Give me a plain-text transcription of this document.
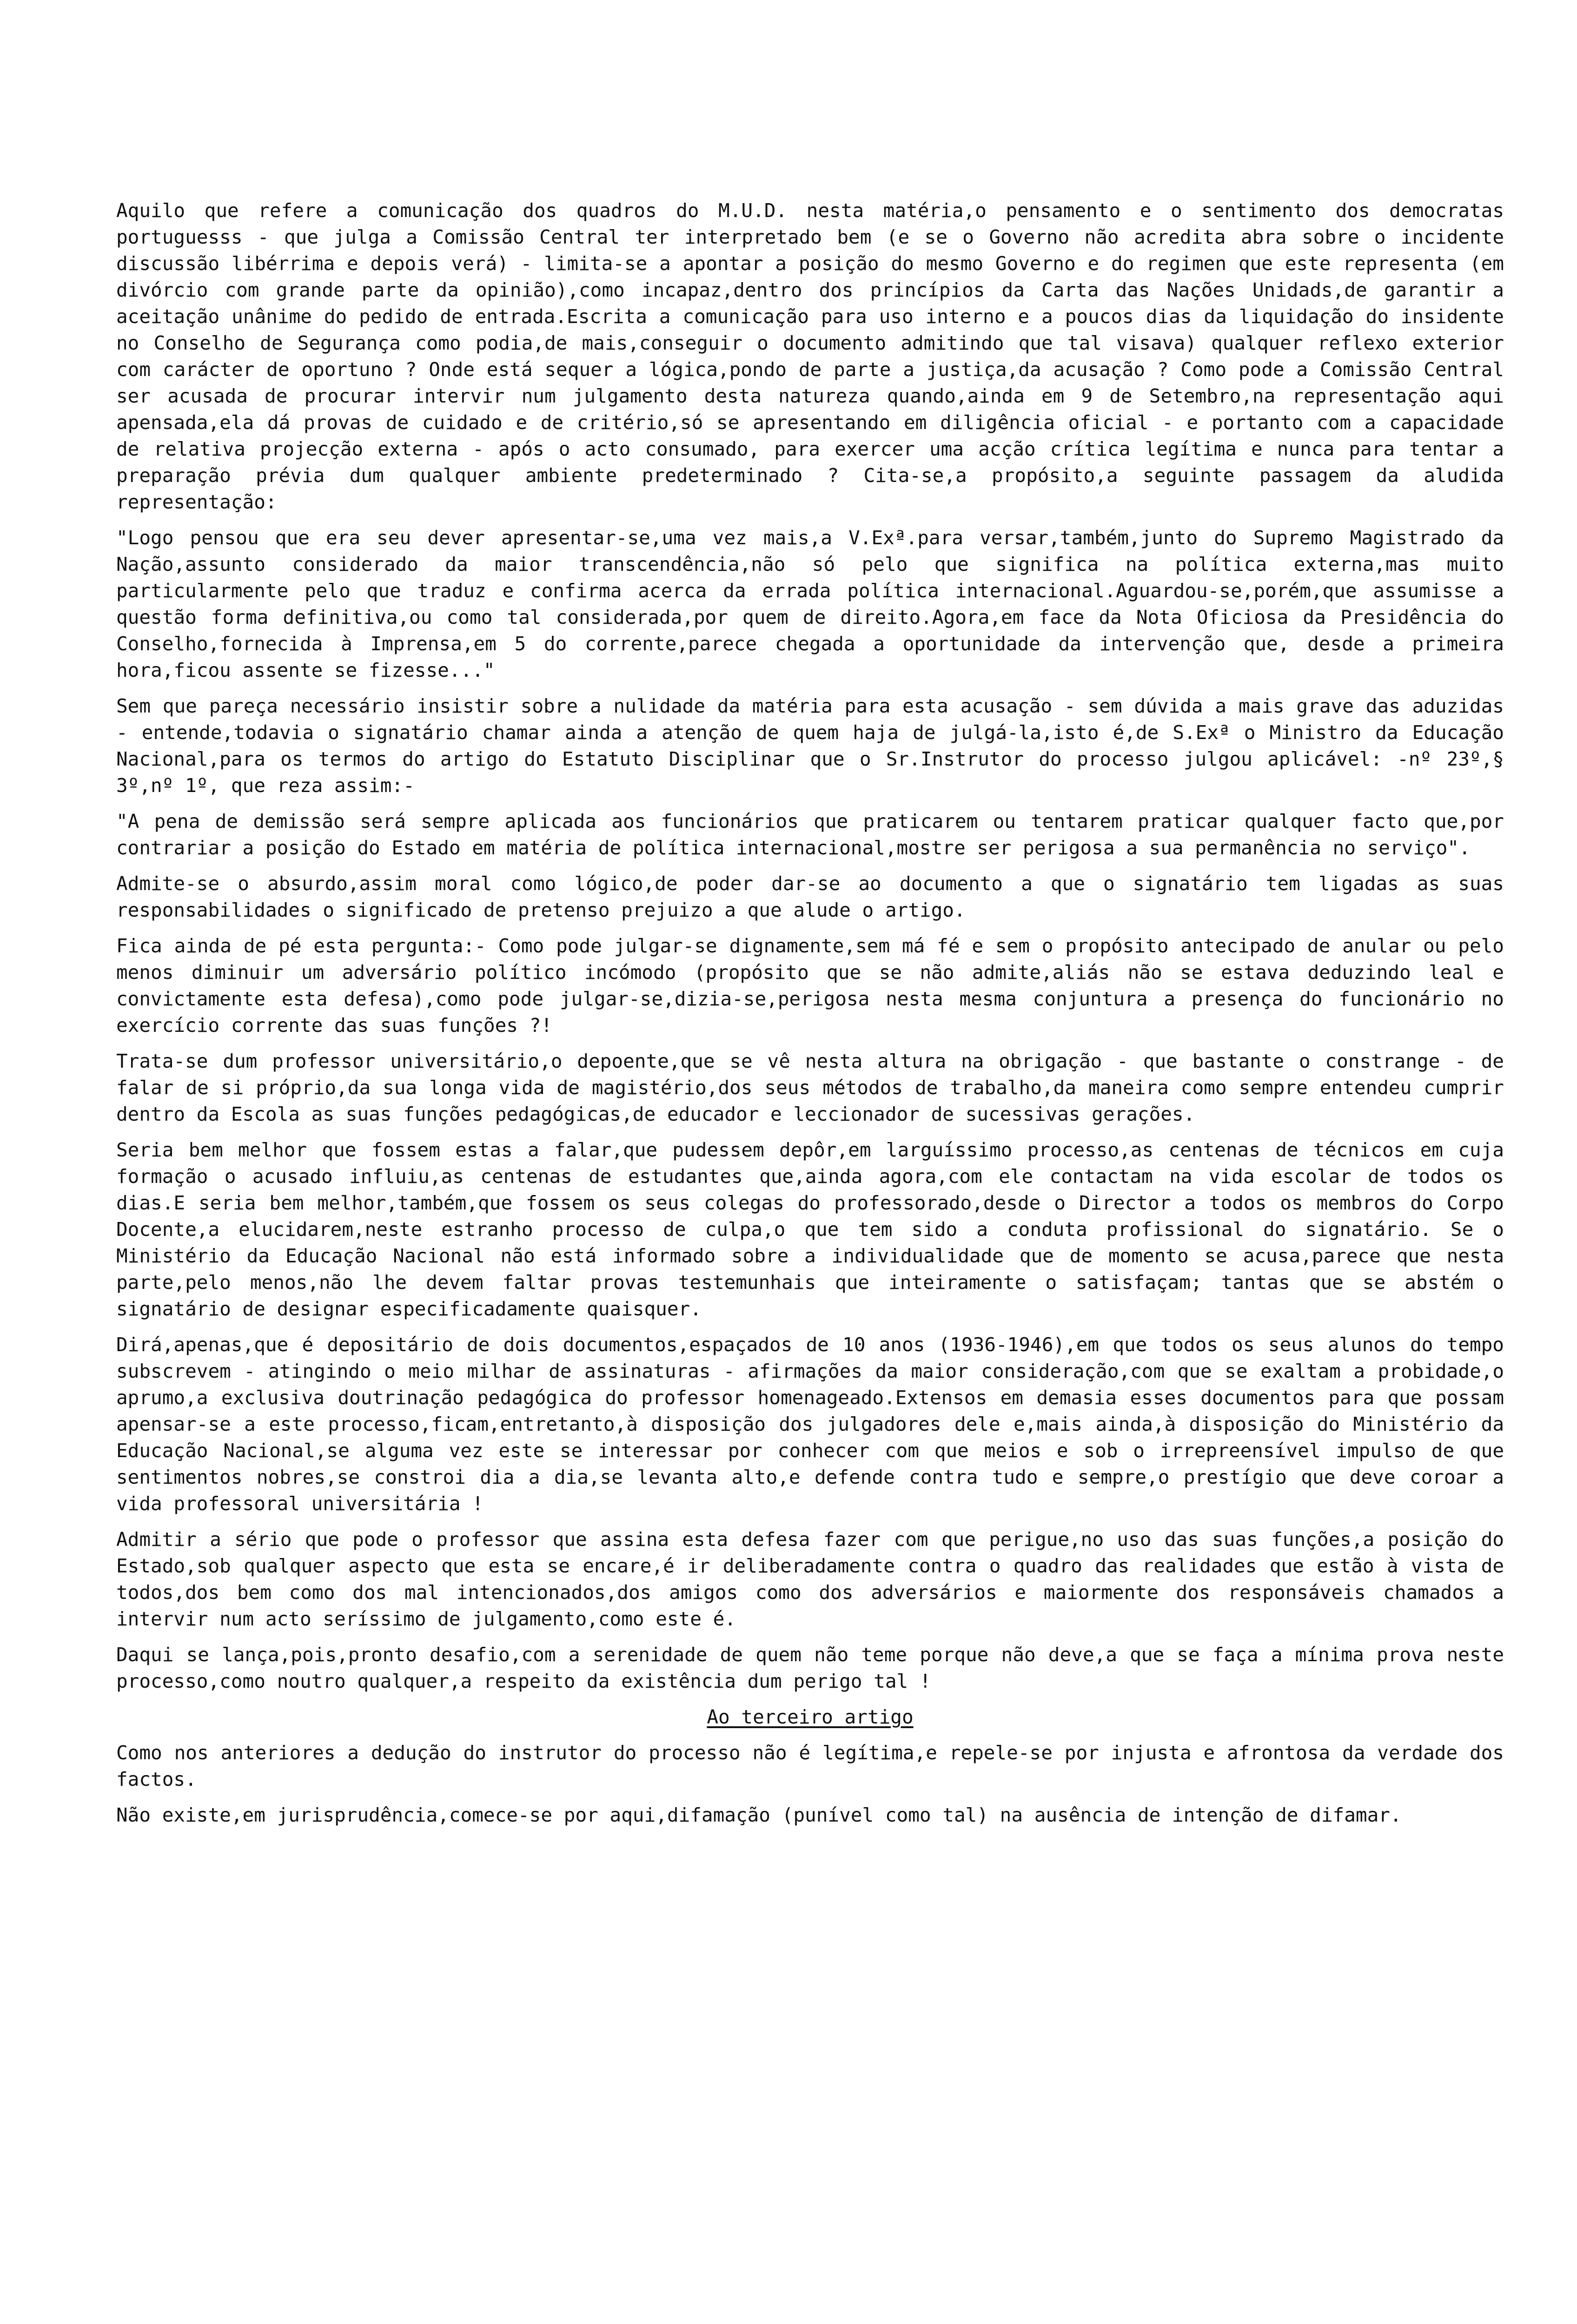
Aquilo que refere a comunicação dos quadros do M.U.D. nesta matéria,o pensamento e o sentimento dos democratas portuguesss - que julga a Comissão Central ter interpretado bem (e se o Governo não acredita abra sobre o incidente discussão libérrima e depois verá) - limita-se a apontar a posição do mesmo Governo e do regimen que este representa (em divórcio com grande parte da opinião),como incapaz,dentro dos princípios da Carta das Nações Unidads,de garantir a aceitação unânime do pedido de entrada.Escrita a comunicação para uso interno e a poucos dias da liquidação do insidente no Conselho de Segurança como podia,de mais,conseguir o documento admitindo que tal visava) qualquer reflexo exterior com carácter de oportuno ? Onde está sequer a lógica,pondo de parte a justiça,da acusação ? Como pode a Comissão Central ser acusada de procurar intervir num julgamento desta natureza quando,ainda em 9 de Setembro,na representação aqui apensada,ela dá provas de cuidado e de critério,só se apresentando em diligência oficial - e portanto com a capacidade de relativa projecção externa - após o acto consumado, para exercer uma acção crítica legítima e nunca para tentar a preparação prévia dum qualquer ambiente predeterminado ? Cita-se,a propósito,a seguinte passagem da aludida representação:

"Logo pensou que era seu dever apresentar-se,uma vez mais,a V.Exª.para versar,também,junto do Supremo Magistrado da Nação,assunto considerado da maior transcendência,não só pelo que significa na política externa,mas muito particularmente pelo que traduz e confirma acerca da errada política internacional.Aguardou-se,porém,que assumisse a questão forma definitiva,ou como tal considerada,por quem de direito.Agora,em face da Nota Oficiosa da Presidência do Conselho,fornecida à Imprensa,em 5 do corrente,parece chegada a oportunidade da intervenção que, desde a primeira hora,ficou assente se fizesse..."

Sem que pareça necessário insistir sobre a nulidade da matéria para esta acusação - sem dúvida a mais grave das aduzidas - entende,todavia o signatário chamar ainda a atenção de quem haja de julgá-la,isto é,de S.Exª o Ministro da Educação Nacional,para os termos do artigo do Estatuto Disciplinar que o Sr.Instrutor do processo julgou aplicável: -nº 23º,§ 3º,nº 1º, que reza assim:-

"A pena de demissão será sempre aplicada aos funcionários que praticarem ou tentarem praticar qualquer facto que,por contrariar a posição do Estado em matéria de política internacional,mostre ser perigosa a sua permanência no serviço".

Admite-se o absurdo,assim moral como lógico,de poder dar-se ao documento a que o signatário tem ligadas as suas responsabilidades o significado de pretenso prejuizo a que alude o artigo.

Fica ainda de pé esta pergunta:- Como pode julgar-se dignamente,sem má fé e sem o propósito antecipado de anular ou pelo menos diminuir um adversário político incómodo (propósito que se não admite,aliás não se estava deduzindo leal e convictamente esta defesa),como pode julgar-se,dizia-se,perigosa nesta mesma conjuntura a presença do funcionário no exercício corrente das suas funções ?!

Trata-se dum professor universitário,o depoente,que se vê nesta altura na obrigação - que bastante o constrange - de falar de si próprio,da sua longa vida de magistério,dos seus métodos de trabalho,da maneira como sempre entendeu cumprir dentro da Escola as suas funções pedagógicas,de educador e leccionador de sucessivas gerações.

Seria bem melhor que fossem estas a falar,que pudessem depôr,em larguíssimo processo,as centenas de técnicos em cuja formação o acusado influiu,as centenas de estudantes que,ainda agora,com ele contactam na vida escolar de todos os dias.E seria bem melhor,também,que fossem os seus colegas do professorado,desde o Director a todos os membros do Corpo Docente,a elucidarem,neste estranho processo de culpa,o que tem sido a conduta profissional do signatário. Se o Ministério da Educação Nacional não está informado sobre a individualidade que de momento se acusa,parece que nesta parte,pelo menos,não lhe devem faltar provas testemunhais que inteiramente o satisfaçam; tantas que se abstém o signatário de designar especificadamente quaisquer.

Dirá,apenas,que é depositário de dois documentos,espaçados de 10 anos (1936-1946),em que todos os seus alunos do tempo subscrevem - atingindo o meio milhar de assinaturas - afirmações da maior consideração,com que se exaltam a probidade,o aprumo,a exclusiva doutrinação pedagógica do professor homenageado.Extensos em demasia esses documentos para que possam apensar-se a este processo,ficam,entretanto,à disposição dos julgadores dele e,mais ainda,à disposição do Ministério da Educação Nacional,se alguma vez este se interessar por conhecer com que meios e sob o irrepreensível impulso de que sentimentos nobres,se constroi dia a dia,se levanta alto,e defende contra tudo e sempre,o prestígio que deve coroar a vida professoral universitária !

Admitir a sério que pode o professor que assina esta defesa fazer com que perigue,no uso das suas funções,a posição do Estado,sob qualquer aspecto que esta se encare,é ir deliberadamente contra o quadro das realidades que estão à vista de todos,dos bem como dos mal intencionados,dos amigos como dos adversários e maiormente dos responsáveis chamados a intervir num acto seríssimo de julgamento,como este é.

Daqui se lança,pois,pronto desafio,com a serenidade de quem não teme porque não deve,a que se faça a mínima prova neste processo,como noutro qualquer,a respeito da existência dum perigo tal !

Ao terceiro artigo

Como nos anteriores a dedução do instrutor do processo não é legítima,e repele-se por injusta e afrontosa da verdade dos factos.

Não existe,em jurisprudência,comece-se por aqui,difamação (punível como tal) na ausência de intenção de difamar.
